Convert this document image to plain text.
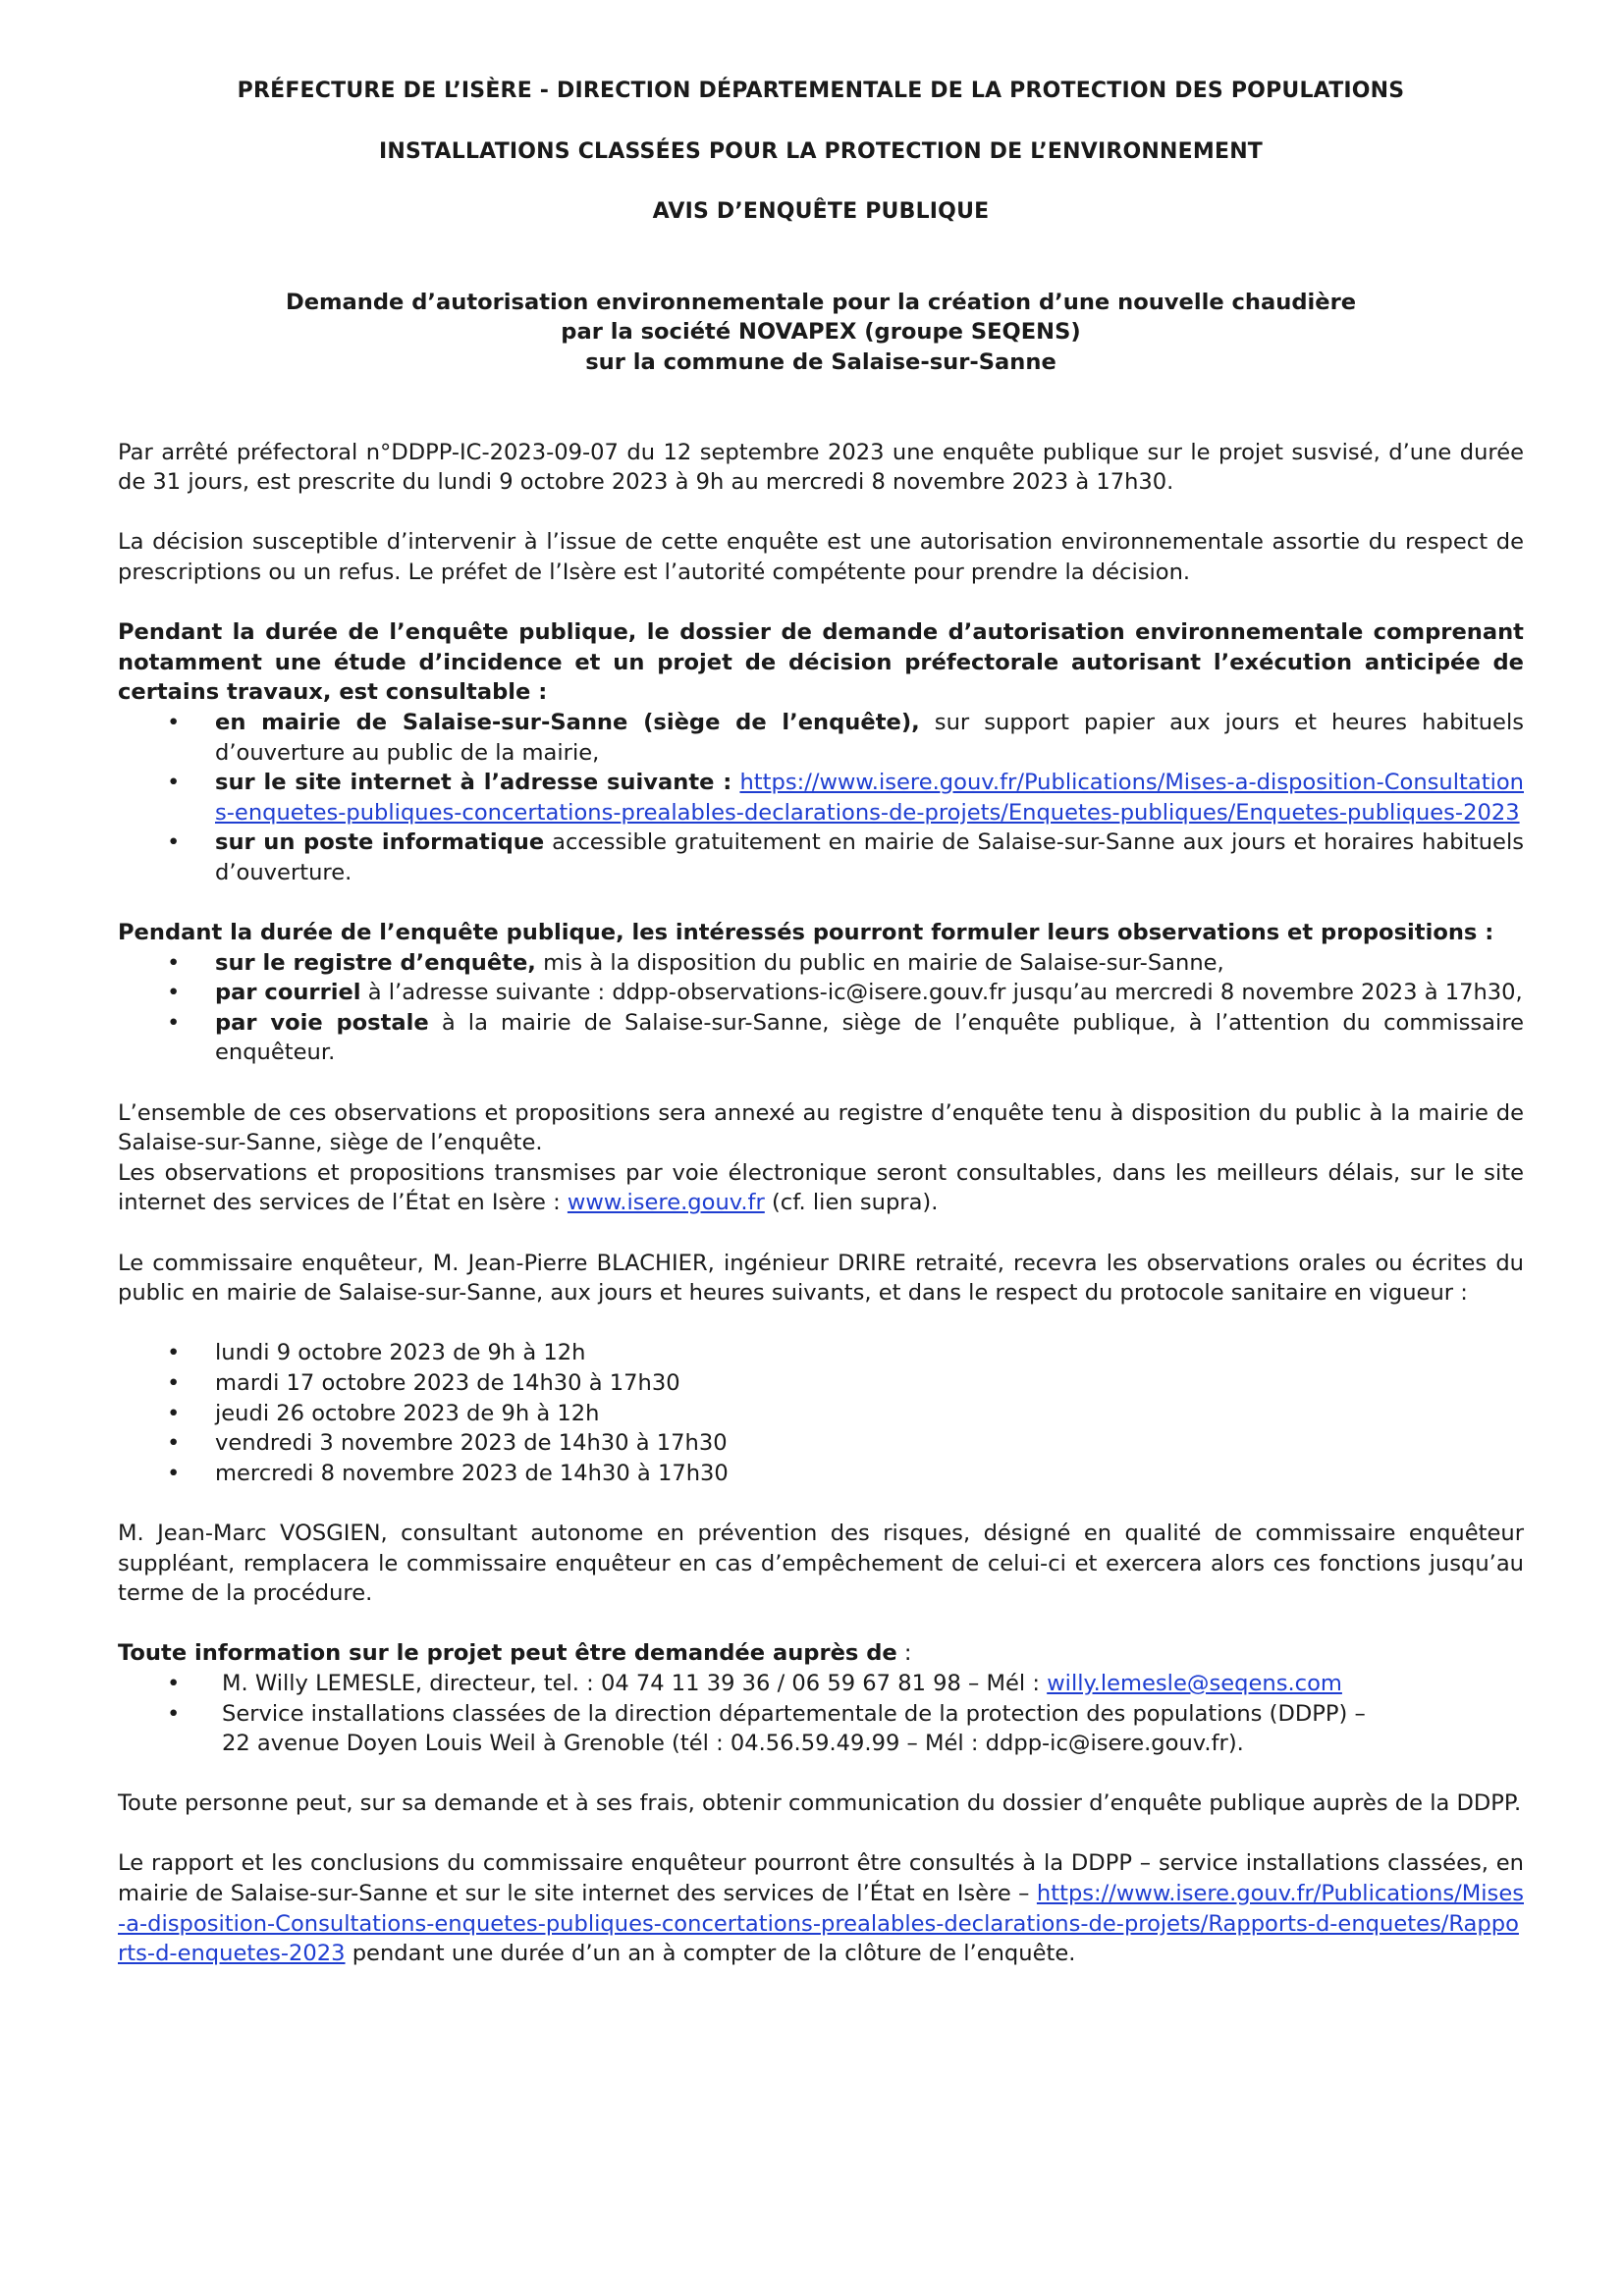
PRÉFECTURE DE L’ISÈRE - DIRECTION DÉPARTEMENTALE DE LA PROTECTION DES POPULATIONS

INSTALLATIONS CLASSÉES POUR LA PROTECTION DE L’ENVIRONNEMENT

AVIS D’ENQUÊTE PUBLIQUE

Demande d’autorisation environnementale pour la création d’une nouvelle chaudière
par la société NOVAPEX (groupe SEQENS)
sur la commune de Salaise-sur-Sanne

Par arrêté préfectoral n°DDPP-IC-2023-09-07 du 12 septembre 2023 une enquête publique sur le projet susvisé, d’une durée de 31 jours, est prescrite du lundi 9 octobre 2023 à 9h au mercredi 8 novembre 2023 à 17h30.

La décision susceptible d’intervenir à l’issue de cette enquête est une autorisation environnementale assortie du respect de prescriptions ou un refus. Le préfet de l’Isère est l’autorité compétente pour prendre la décision.

Pendant la durée de l’enquête publique, le dossier de demande d’autorisation environnementale comprenant notamment une étude d’incidence et un projet de décision préfectorale autorisant l’exécution anticipée de certains travaux, est consultable :

• en mairie de Salaise-sur-Sanne (siège de l’enquête), sur support papier aux jours et heures habituels d’ouverture au public de la mairie,
• sur le site internet à l’adresse suivante : https://www.isere.gouv.fr/Publications/Mises-a-disposition-Consultations-enquetes-publiques-concertations-prealables-declarations-de-projets/Enquetes-publiques/Enquetes-publiques-2023
• sur un poste informatique accessible gratuitement en mairie de Salaise-sur-Sanne aux jours et horaires habituels d’ouverture.

Pendant la durée de l’enquête publique, les intéressés pourront formuler leurs observations et propositions :

• sur le registre d’enquête, mis à la disposition du public en mairie de Salaise-sur-Sanne,
• par courriel à l’adresse suivante : ddpp-observations-ic@isere.gouv.fr jusqu’au mercredi 8 novembre 2023 à 17h30,
• par voie postale à la mairie de Salaise-sur-Sanne, siège de l’enquête publique, à l’attention du commissaire enquêteur.

L’ensemble de ces observations et propositions sera annexé au registre d’enquête tenu à disposition du public à la mairie de Salaise-sur-Sanne, siège de l’enquête.

Les observations et propositions transmises par voie électronique seront consultables, dans les meilleurs délais, sur le site internet des services de l’État en Isère : www.isere.gouv.fr (cf. lien supra).

Le commissaire enquêteur, M. Jean-Pierre BLACHIER, ingénieur DRIRE retraité, recevra les observations orales ou écrites du public en mairie de Salaise-sur-Sanne, aux jours et heures suivants, et dans le respect du protocole sanitaire en vigueur :

• lundi 9 octobre 2023 de 9h à 12h
• mardi 17 octobre 2023 de 14h30 à 17h30
• jeudi 26 octobre 2023 de 9h à 12h
• vendredi 3 novembre 2023 de 14h30 à 17h30
• mercredi 8 novembre 2023 de 14h30 à 17h30

M. Jean-Marc VOSGIEN, consultant autonome en prévention des risques, désigné en qualité de commissaire enquêteur suppléant, remplacera le commissaire enquêteur en cas d’empêchement de celui-ci et exercera alors ces fonctions jusqu’au terme de la procédure.

Toute information sur le projet peut être demandée auprès de :

• M. Willy LEMESLE, directeur, tel. : 04 74 11 39 36 / 06 59 67 81 98 – Mél : willy.lemesle@seqens.com
• Service installations classées de la direction départementale de la protection des populations (DDPP) –
22 avenue Doyen Louis Weil à Grenoble (tél : 04.56.59.49.99 – Mél : ddpp-ic@isere.gouv.fr).

Toute personne peut, sur sa demande et à ses frais, obtenir communication du dossier d’enquête publique auprès de la DDPP.

Le rapport et les conclusions du commissaire enquêteur pourront être consultés à la DDPP – service installations classées, en mairie de Salaise-sur-Sanne et sur le site internet des services de l’État en Isère – https://www.isere.gouv.fr/Publications/Mises-a-disposition-Consultations-enquetes-publiques-concertations-prealables-declarations-de-projets/Rapports-d-enquetes/Rapports-d-enquetes-2023 pendant une durée d’un an à compter de la clôture de l’enquête.
